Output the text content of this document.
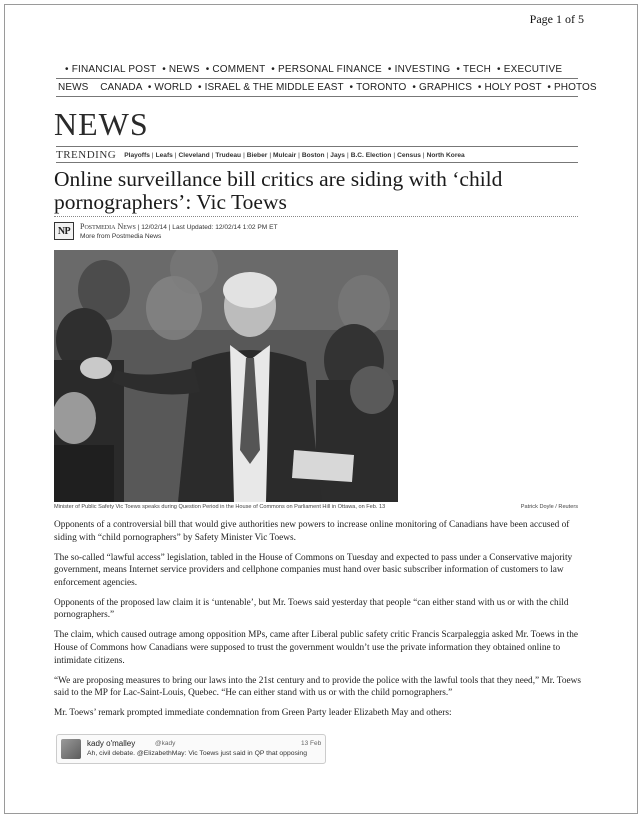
Page 1 of 5
• FINANCIAL POST • NEWS • COMMENT • PERSONAL FINANCE • INVESTING • TECH • EXECUTIVE
NEWS CANADA • WORLD • ISRAEL & THE MIDDLE EAST • TORONTO • GRAPHICS • HOLY POST • PHOTOS
NEWS
TRENDING Playoffs | Leafs | Cleveland | Trudeau | Bieber | Mulcair | Boston | Jays | B.C. Election | Census | North Korea
Online surveillance bill critics are siding with ‘child pornographers’: Vic Toews
NP	Postmedia News | 12/02/14 | Last Updated: 12/02/14 1:02 PM ET
More from Postmedia News
Minister of Public Safety Vic Toews speaks during Question Period in the House of Commons on Parliament Hill in Ottawa, on Feb. 13	Patrick Doyle / Reuters

Opponents of a controversial bill that would give authorities new powers to increase online monitoring of Canadians have been accused of siding with “child pornographers” by Safety Minister Vic Toews.

The so-called “lawful access” legislation, tabled in the House of Commons on Tuesday and expected to pass under a Conservative majority government, means Internet service providers and cellphone companies must hand over basic subscriber information of customers to law enforcement agencies.

Opponents of the proposed law claim it is ‘untenable’, but Mr. Toews said yesterday that people “can either stand with us or with the child pornographers.”

The claim, which caused outrage among opposition MPs, came after Liberal public safety critic Francis Scarpaleggia asked Mr. Toews in the House of Commons how Canadians were supposed to trust the government wouldn’t use the private information they obtained online to intimidate citizens.

“We are proposing measures to bring our laws into the 21st century and to provide the police with the lawful tools that they need,” Mr. Toews said to the MP for Lac-Saint-Louis, Quebec. “He can either stand with us or with the child pornographers.”

Mr. Toews’ remark prompted immediate condemnation from Green Party leader Elizabeth May and others:

kady o'malley	@kady	13 Feb
Ah, civil debate. @ElizabethMay: Vic Toews just said in QP that opposing
